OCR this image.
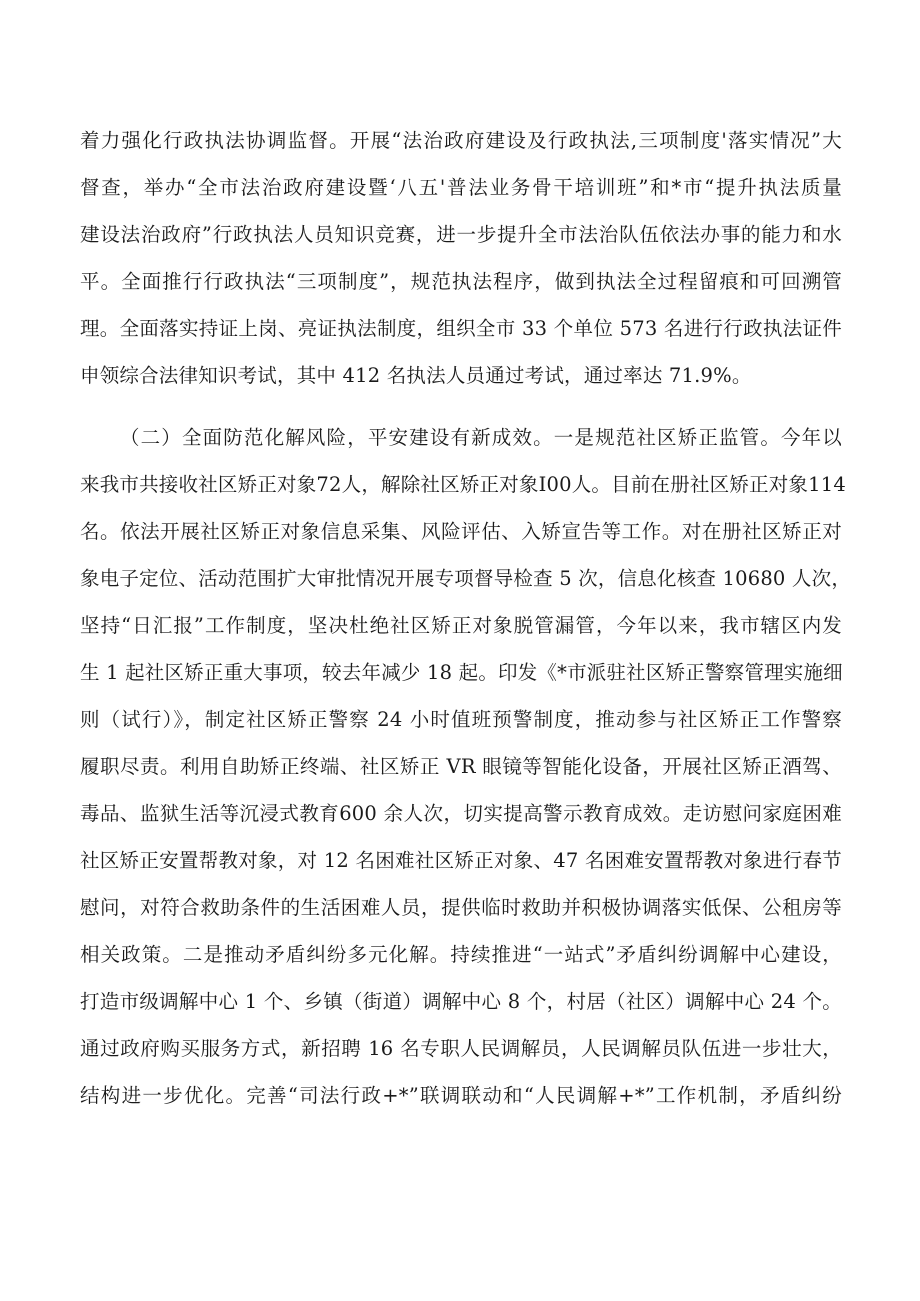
着力强化行政执法协调监督。开展“法治政府建设及行政执法,三项制度'落实情况”大
督查，举办“全市法治政府建设暨‘八五'普法业务骨干培训班”和*市“提升执法质量
建设法治政府”行政执法人员知识竞赛，进一步提升全市法治队伍依法办事的能力和水
平。全面推行行政执法“三项制度”，规范执法程序，做到执法全过程留痕和可回溯管
理。全面落实持证上岗、亮证执法制度，组织全市 33 个单位 573 名进行行政执法证件
申领综合法律知识考试，其中 412 名执法人员通过考试，通过率达 71.9%。
（二）全面防范化解风险，平安建设有新成效。一是规范社区矫正监管。今年以
来我市共接收社区矫正对象72人，解除社区矫正对象I00人。目前在册社区矫正对象114
名。依法开展社区矫正对象信息采集、风险评估、入矫宣告等工作。对在册社区矫正对
象电子定位、活动范围扩大审批情况开展专项督导检查 5 次，信息化核查 10680 人次，
坚持“日汇报”工作制度，坚决杜绝社区矫正对象脱管漏管，今年以来，我市辖区内发
生 1 起社区矫正重大事项，较去年减少 18 起。印发《*市派驻社区矫正警察管理实施细
则（试行）》，制定社区矫正警察 24 小时值班预警制度，推动参与社区矫正工作警察
履职尽责。利用自助矫正终端、社区矫正 VR 眼镜等智能化设备，开展社区矫正酒驾、
毒品、监狱生活等沉浸式教育600 余人次，切实提高警示教育成效。走访慰问家庭困难
社区矫正安置帮教对象，对 12 名困难社区矫正对象、47 名困难安置帮教对象进行春节
慰问，对符合救助条件的生活困难人员，提供临时救助并积极协调落实低保、公租房等
相关政策。二是推动矛盾纠纷多元化解。持续推进“一站式”矛盾纠纷调解中心建设，
打造市级调解中心 1 个、乡镇（街道）调解中心 8 个，村居（社区）调解中心 24 个。
通过政府购买服务方式，新招聘 16 名专职人民调解员，人民调解员队伍进一步壮大，
结构进一步优化。完善“司法行政+*”联调联动和“人民调解+*”工作机制，矛盾纠纷
